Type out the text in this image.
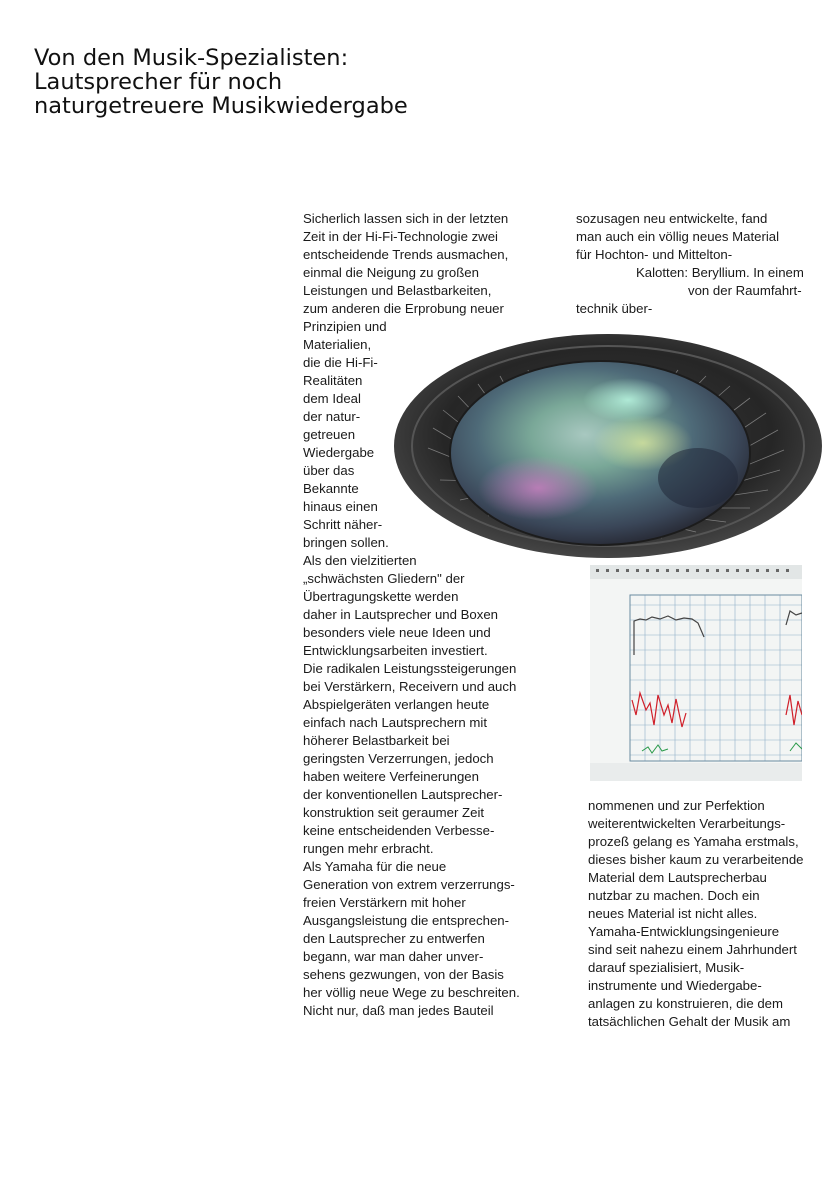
Von den Musik-Spezialisten:
Lautsprecher für noch
naturgetreuere Musikwiedergabe
Sicherlich lassen sich in der letzten
Zeit in der Hi-Fi-Technologie zwei
entscheidende Trends ausmachen,
einmal die Neigung zu großen
Leistungen und Belastbarkeiten,
zum anderen die Erprobung neuer
Prinzipien und
Materialien,
die die Hi-Fi-
Realitäten
dem Ideal
der natur-
getreuen
Wiedergabe
über das
Bekannte
hinaus einen
Schritt näher-
bringen sollen.
Als den vielzitierten
„schwächsten Gliedern" der
Übertragungskette werden
daher in Lautsprecher und Boxen
besonders viele neue Ideen und
Entwicklungsarbeiten investiert.
Die radikalen Leistungssteigerungen
bei Verstärkern, Receivern und auch
Abspielgeräten verlangen heute
einfach nach Lautsprechern mit
höherer Belastbarkeit bei
geringsten Verzerrungen, jedoch
haben weitere Verfeinerungen
der konventionellen Lautsprecher-
konstruktion seit geraumer Zeit
keine entscheidenden Verbesse-
rungen mehr erbracht.
Als Yamaha für die neue
Generation von extrem verzerrungs-
freien Verstärkern mit hoher
Ausgangsleistung die entsprechen-
den Lautsprecher zu entwerfen
begann, war man daher unver-
sehens gezwungen, von der Basis
her völlig neue Wege zu beschreiten.
Nicht nur, daß man jedes Bauteil
sozusagen neu entwickelte, fand
man auch ein völlig neues Material
für Hochton- und Mittelton-
Kalotten: Beryllium. In einem
von der Raumfahrt-
technik über-
nommenen und zur Perfektion
weiterentwickelten Verarbeitungs-
prozeß gelang es Yamaha erstmals,
dieses bisher kaum zu verarbeitende
Material dem Lautsprecherbau
nutzbar zu machen. Doch ein
neues Material ist nicht alles.
Yamaha-Entwicklungsingenieure
sind seit nahezu einem Jahrhundert
darauf spezialisiert, Musik-
instrumente und Wiedergabe-
anlagen zu konstruieren, die dem
tatsächlichen Gehalt der Musik am
